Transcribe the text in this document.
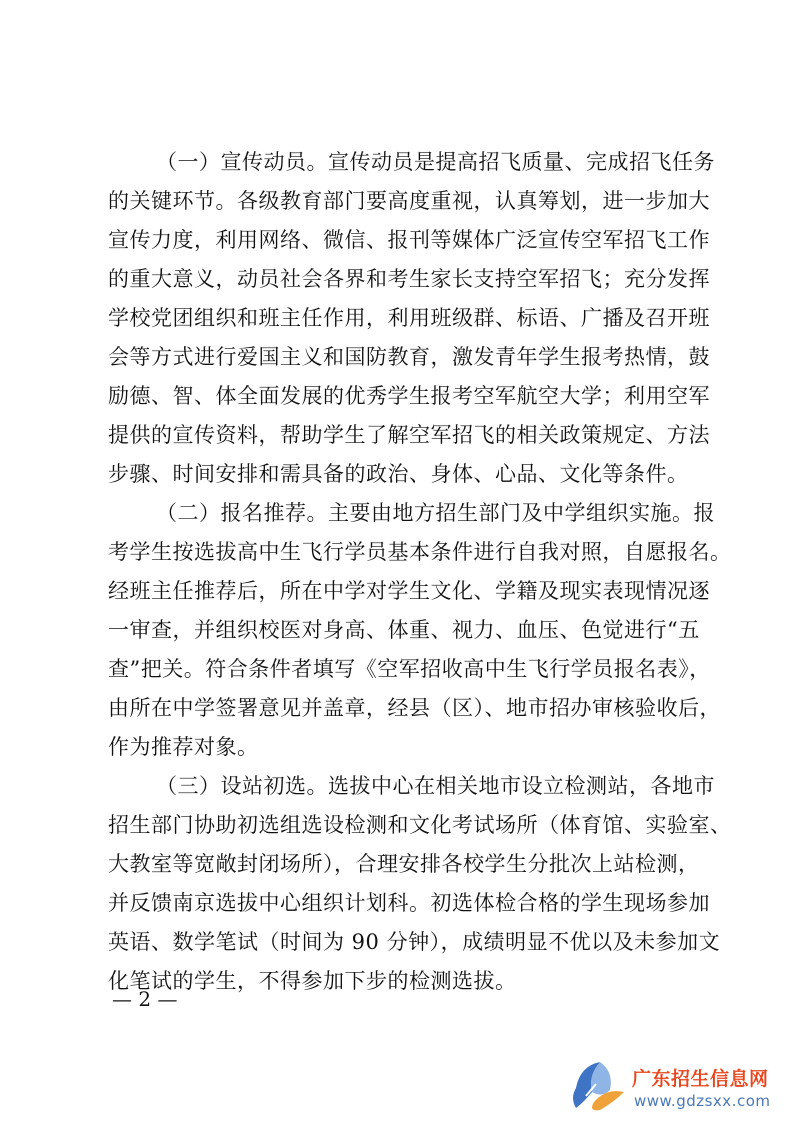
（一）宣传动员。宣传动员是提高招飞质量、完成招飞任务
的关键环节。各级教育部门要高度重视，认真筹划，进一步加大
宣传力度，利用网络、微信、报刊等媒体广泛宣传空军招飞工作
的重大意义，动员社会各界和考生家长支持空军招飞；充分发挥
学校党团组织和班主任作用，利用班级群、标语、广播及召开班
会等方式进行爱国主义和国防教育，激发青年学生报考热情，鼓
励德、智、体全面发展的优秀学生报考空军航空大学；利用空军
提供的宣传资料，帮助学生了解空军招飞的相关政策规定、方法
步骤、时间安排和需具备的政治、身体、心品、文化等条件。
（二）报名推荐。主要由地方招生部门及中学组织实施。报
考学生按选拔高中生飞行学员基本条件进行自我对照，自愿报名。
经班主任推荐后，所在中学对学生文化、学籍及现实表现情况逐
一审查，并组织校医对身高、体重、视力、血压、色觉进行“五
查”把关。符合条件者填写《空军招收高中生飞行学员报名表》，
由所在中学签署意见并盖章，经县（区）、地市招办审核验收后，
作为推荐对象。
（三）设站初选。选拔中心在相关地市设立检测站，各地市
招生部门协助初选组选设检测和文化考试场所（体育馆、实验室、
大教室等宽敞封闭场所），合理安排各校学生分批次上站检测，
并反馈南京选拔中心组织计划科。初选体检合格的学生现场参加
英语、数学笔试（时间为 90 分钟），成绩明显不优以及未参加文
化笔试的学生，不得参加下步的检测选拔。
— 2 —
广东招生信息网
www.gdzsxx.com
